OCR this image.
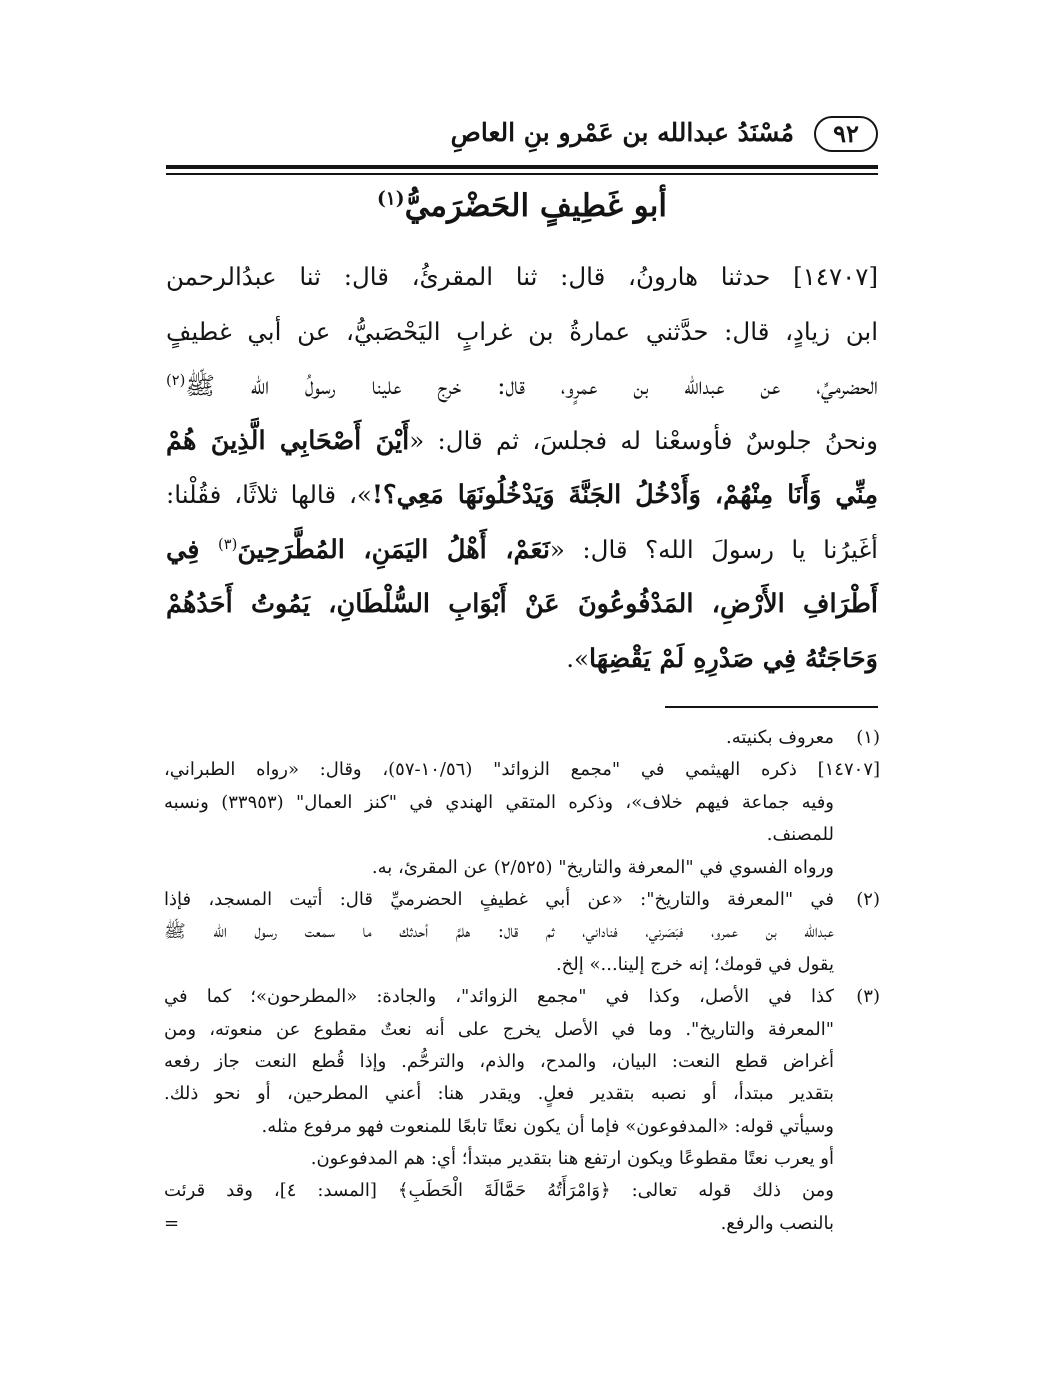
٩٢
مُسْنَدُ عبدالله بن عَمْرو بنِ العاصِ
أبو غَطِيفٍ الحَضْرَميُّ$^{(١)}$
[١٤٧٠٧] حدثنا هارونُ، قال: ثنا المقرئُ، قال: ثنا عبدُالرحمن
ابن زيادٍ، قال: حدَّثني عمارةُ بن غرابٍ اليَحْصَبيُّ، عن أبي غطيفٍ
الحضرميِّ، عن عبدالله بن عمرٍو، قال: خرج علينا رسولُ الله ﷺ$^{(٢)}$
ونحنُ جلوسٌ فأوسعْنا له فجلسَ، ثم قال: «أَيْنَ أَصْحَابِي الَّذِينَ هُمْ
مِنِّي وَأَنَا مِنْهُمْ، وَأَدْخُلُ الجَنَّةَ وَيَدْخُلُونَهَا مَعِي؟!»، قالها ثلاثًا، فقُلْنا:
أغَيرُنا يا رسولَ الله؟ قال: «نَعَمْ، أَهْلُ اليَمَنِ، المُطَّرَحِينَ$^{(٣)}$ فِي
أَطْرَافِ الأَرْضِ، المَدْفُوعُونَ عَنْ أَبْوَابِ السُّلْطَانِ، يَمُوتُ أَحَدُهُمْ
وَحَاجَتُهُ فِي صَدْرِهِ لَمْ يَقْضِهَا».
(١)
معروف بكنيته.
[١٤٧٠٧] ذكره الهيثمي في "مجمع الزوائد" (١٠/٥٦-٥٧)، وقال: «رواه الطبراني،
وفيه جماعة فيهم خلاف»، وذكره المتقي الهندي في "كنز العمال" (٣٣٩٥٣) ونسبه
للمصنف.
ورواه الفسوي في "المعرفة والتاريخ" (٢/٥٢٥) عن المقرئ، به.
(٢)
في "المعرفة والتاريخ": «عن أبي غطيفٍ الحضرميِّ قال: أتيت المسجد، فإذا
عبدالله بن عمرو، فبَصَرني، فناداني، ثم قال: هلمَّ أحدثك ما سمعت رسول الله ﷺ
يقول في قومك؛ إنه خرج إلينا...» إلخ.
(٣)
كذا في الأصل، وكذا في "مجمع الزوائد"، والجادة: «المطرحون»؛ كما في
"المعرفة والتاريخ". وما في الأصل يخرج على أنه نعتٌ مقطوع عن منعوته، ومن
أغراض قطع النعت: البيان، والمدح، والذم، والترحُّم. وإذا قُطع النعت جاز رفعه
بتقدير مبتدأ، أو نصبه بتقدير فعلٍ. ويقدر هنا: أعني المطرحين، أو نحو ذلك.
وسيأتي قوله: «المدفوعون» فإما أن يكون نعتًا تابعًا للمنعوت فهو مرفوع مثله.
أو يعرب نعتًا مقطوعًا ويكون ارتفع هنا بتقدير مبتدأ؛ أي: هم المدفوعون.
ومن ذلك قوله تعالى: ﴿وَامْرَأَتُهُ حَمَّالَةَ الْحَطَبِ﴾ [المسد: ٤]، وقد قرئت
بالنصب والرفع.
=
